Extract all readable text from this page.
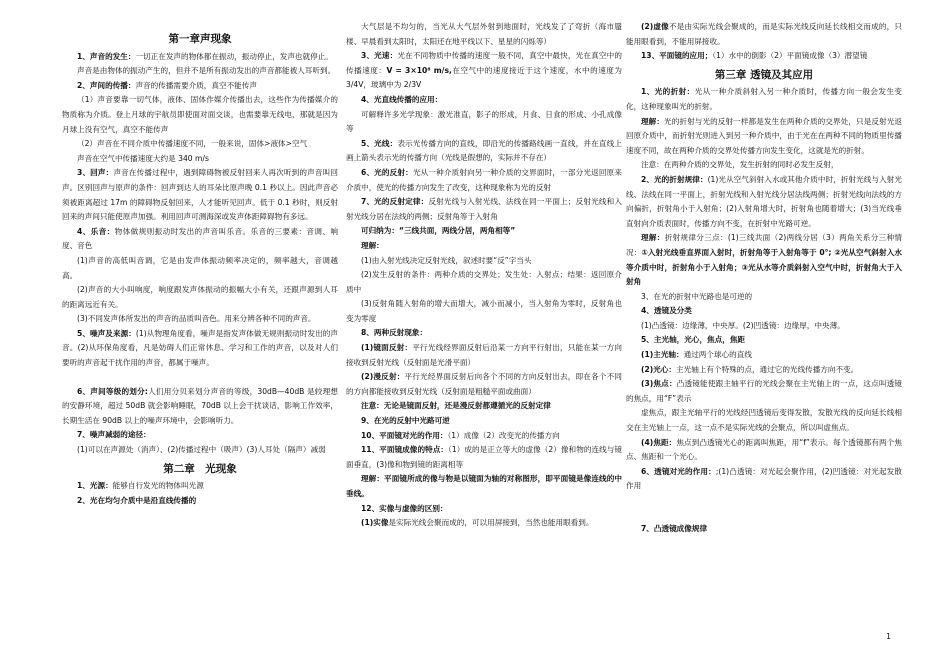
第一章声现象

1、声音的发生：一切正在发声的物体都在振动，振动停止，发声也就停止。

声音是由物体的振动产生的，但并不是所有振动发出的声音都能被人耳听到。

2、声间的传播：声音的传播需要介质，真空不能传声

（1）声音要靠一切气体，液体、固体作媒介传播出去，这些作为传播媒介的物质称为介质。登上月球的宇航员即使面对面交谈，也需要靠无线电，那就是因为月球上没有空气，真空不能传声

（2）声音在不同介质中传播速度不同，一般来说，固体>液体>空气

声音在空气中传播速度大约是 340 m/s

3、回声：声音在传播过程中，遇到障碍物被反射回来人再次听到的声音叫回声。区别回声与原声的条件：回声到达人的耳朵比原声晚 0.1 秒以上。因此声音必须被距离超过 17m 的障碍物反射回来，人才能听见回声。低于 0.1 秒时，则反射回来的声间只能使原声加强。利用回声可测海深或发声体距障碍物有多远。

4、乐音：物体做规则振动时发出的声音叫乐音。乐音的三要素：音调、响度、音色

(1)声音的高低叫音调，它是由发声体振动频率决定的，频率越大，音调越高。

(2)声音的大小叫响度，响度跟发声体振动的振幅大小有关，还跟声源到人耳的距离远近有关。

(3)不同发声体所发出的声音的品质叫音色。用来分辨各种不同的声音。

5、噪声及来源：(1)从物理角度看，噪声是指发声体做无规则振动时发出的声音。(2)从环保角度看，凡是妨碍人们正常休息、学习和工作的声音，以及对人们要听的声音起干扰作用的声音，都属于噪声。

6、声间等级的划分:人们用分贝来划分声音的等级，30dB—40dB 是较理想的安静环境，超过 50dB 就会影响睡眠，70dB 以上会干扰谈话，影响工作效率，长期生活在 90dB 以上的噪声环境中，会影响听力。

7、噪声减弱的途径：

(1)可以在声源处（消声）、(2)传播过程中（吸声）(3)人耳处（隔声）减弱

第二章　光现象

1、光源：能够自行发光的物体叫光源

2、光在均匀介质中是沿直线传播的

大气层是不均匀的，当光从大气层外射到地面时，光线发了了弯折（海市蜃楼、早晨看到太阳时，太阳还在地平线以下、星星的闪烁等）

3、光速：光在不同物质中传播的速度一般不同，真空中最快，光在真空中的传播速度：V = 3×10⁸ m/s,在空气中的速度接近于这个速度，水中的速度为 3/4V，玻璃中为 2/3V

4、光直线传播的应用：

可解释许多光学现象：激光准直，影子的形成，月食、日食的形成、小孔成像等

5、光线：表示光传播方向的直线，即沿光的传播路线画一直线，并在直线上画上箭头表示光的传播方向（光线是假想的，实际并不存在）

6、光的反射：光从一种介质射向另一种介质的交界面时，一部分光返回原来介质中，使光的传播方向发生了改变，这种现象称为光的反射

7、光的反射定律：反射光线与入射光线、法线在同一平面上；反射光线和入射光线分居在法线的两侧；反射角等于入射角

可归纳为：“三线共面，两线分居，两角相等”

理解：

(1)由入射光线决定反射光线，叙述时要“反”字当头

(2)发生反射的条件：两种介质的交界处；发生处：入射点；结果：返回原介质中

(3)反射角随入射角的增大而增大，减小而减小，当入射角为零时，反射角也变为零度

8、两种反射现象：

(1)镜面反射：平行光线经界面反射后沿某一方向平行射出，只能在某一方向接收到反射光线（反射面是光滑平面）

(2)漫反射：平行光经界面反射后向各个不同的方向反射出去，即在各个不同的方向都能接收到反射光线（反射面是粗糙平面或曲面）

注意：无论是镜面反射，还是漫反射都遵循光的反射定律

9、在光的反射中光路可逆

10、平面镜对光的作用：（1）成像（2）改变光的传播方向

11、平面镜成像的特点：（1）成的是正立等大的虚像（2）像和物的连线与镜面垂直，(3)像和物到镜的距离相等

理解：平面镜所成的像与物是以镜面为轴的对称图形，即平面镜是像连线的中垂线。

12、实像与虚像的区别：

(1)实像是实际光线会聚而成的，可以用屏接到，当然也能用眼看到。

(2)虚像不是由实际光线会聚成的，而是实际光线反向延长线相交而成的，只能用眼看到，不能用屏接收。

13、平面镜的应用；（1）水中的倒影（2）平面镜成像（3）潜望镜

第三章 透镜及其应用

1、光的折射：光从一种介质斜射入另一种介质时，传播方向一般会发生变化，这种现象叫光的折射。

理解：光的折射与光的反射一样都是发生在两种介质的交界处，只是反射光返回原介质中，而折射光则进入到另一种介质中，由于光在在两种不同的物质里传播速度不同，故在两种介质的交界处传播方向发生变化，这就是光的折射。

注意：在两种介质的交界处，发生折射的同时必发生反射，

2、光的折射规律：(1)光从空气斜射入水或其他介质中时，折射光线与入射光线、法线在同一平面上，折射光线和入射光线分居法线两侧；折射光线向法线的方向偏折，折射角小于入射角；(2)入射角增大时，折射角也随着增大；(3)当光线垂直射向介质表面时，传播方向不变，在折射中光路可逆。

理解：折射规律分三点：(1)三线共面（2)两线分居（3）两角关系分三种情况：①入射光线垂直界面入射时，折射角等于入射角等于 0°; ②光从空气斜射入水等介质中时，折射角小于入射角；③光从水等介质斜射入空气中时，折射角大于入射角

3、在光的折射中光路也是可逆的

4、透镜及分类

(1)凸透镜：边缘薄，中央厚。(2)凹透镜：边缘厚，中央薄。

5、主光轴，光心，焦点，焦距

(1)主光轴：通过两个球心的直线

(2)光心：主光轴上有个特殊的点，通过它的光线传播方向不变。

(3)焦点：凸透镜能使跟主轴平行的光线会聚在主光轴上的一点，这点叫透镜的焦点，用“F”表示

虚焦点，跟主光轴平行的光线经凹透镜后变得发散，发散光线的反向延长线相交在主光轴上一点，这一点不是实际光线的会聚点，所以叫虚焦点。

(4)焦距：焦点到凸透镜光心的距离叫焦距，用“f”表示。每个透镜都有两个焦点、焦距和一个光心。

6、透镜对光的作用：;(1)凸透镜：对光起会聚作用，(2)凹透镜：对光起发散作用

7、凸透镜成像规律

1
